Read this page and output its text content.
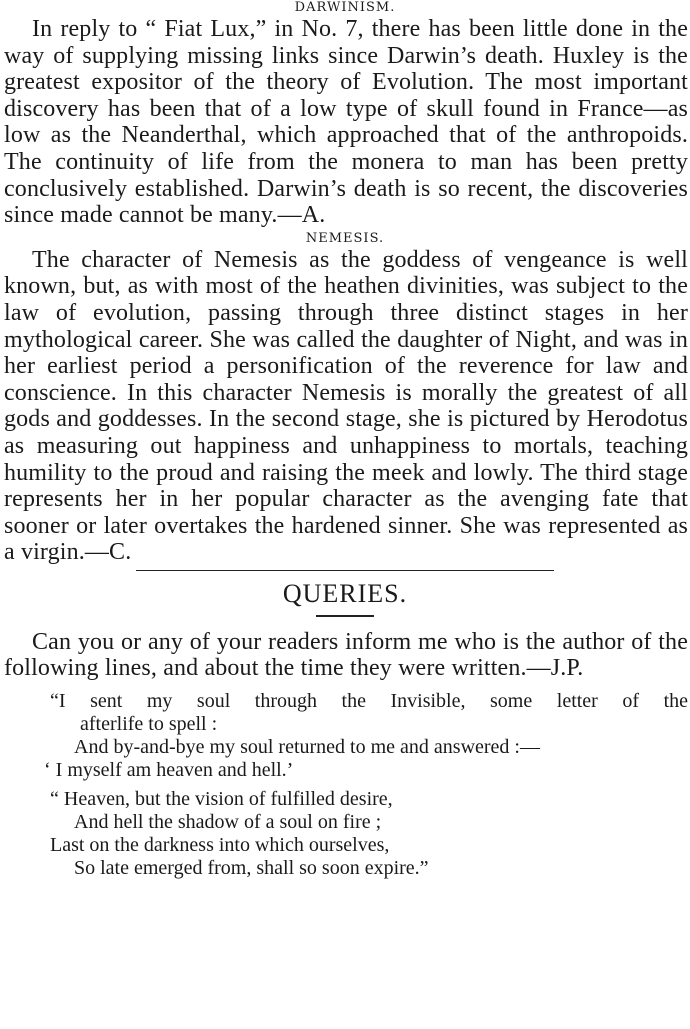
DARWINISM.

In reply to “ Fiat Lux,” in No. 7, there has been little done in the way of supplying missing links since Darwin’s death. Huxley is the greatest expositor of the theory of Evolution. The most important discovery has been that of a low type of skull found in France—as low as the Neanderthal, which approached that of the anthropoids. The continuity of life from the monera to man has been pretty conclusively established. Darwin’s death is so recent, the discoveries since made cannot be many.—A.

NEMESIS.

The character of Nemesis as the goddess of vengeance is well known, but, as with most of the heathen divinities, was subject to the law of evolution, passing through three distinct stages in her mythological career. She was called the daughter of Night, and was in her earliest period a personification of the reverence for law and conscience. In this character Nemesis is morally the greatest of all gods and goddesses. In the second stage, she is pictured by Herodotus as measuring out happiness and unhappiness to mortals, teaching humility to the proud and raising the meek and lowly. The third stage represents her in her popular character as the avenging fate that sooner or later overtakes the hardened sinner. She was represented as a virgin.—C.

QUERIES.

Can you or any of your readers inform me who is the author of the following lines, and about the time they were written.—J.P.

“I sent my soul through the Invisible, some letter of the
afterlife to spell :
And by-and-bye my soul returned to me and answered :—
‘ I myself am heaven and hell.’
“ Heaven, but the vision of fulfilled desire,
And hell the shadow of a soul on fire ;
Last on the darkness into which ourselves,
So late emerged from, shall so soon expire.”
